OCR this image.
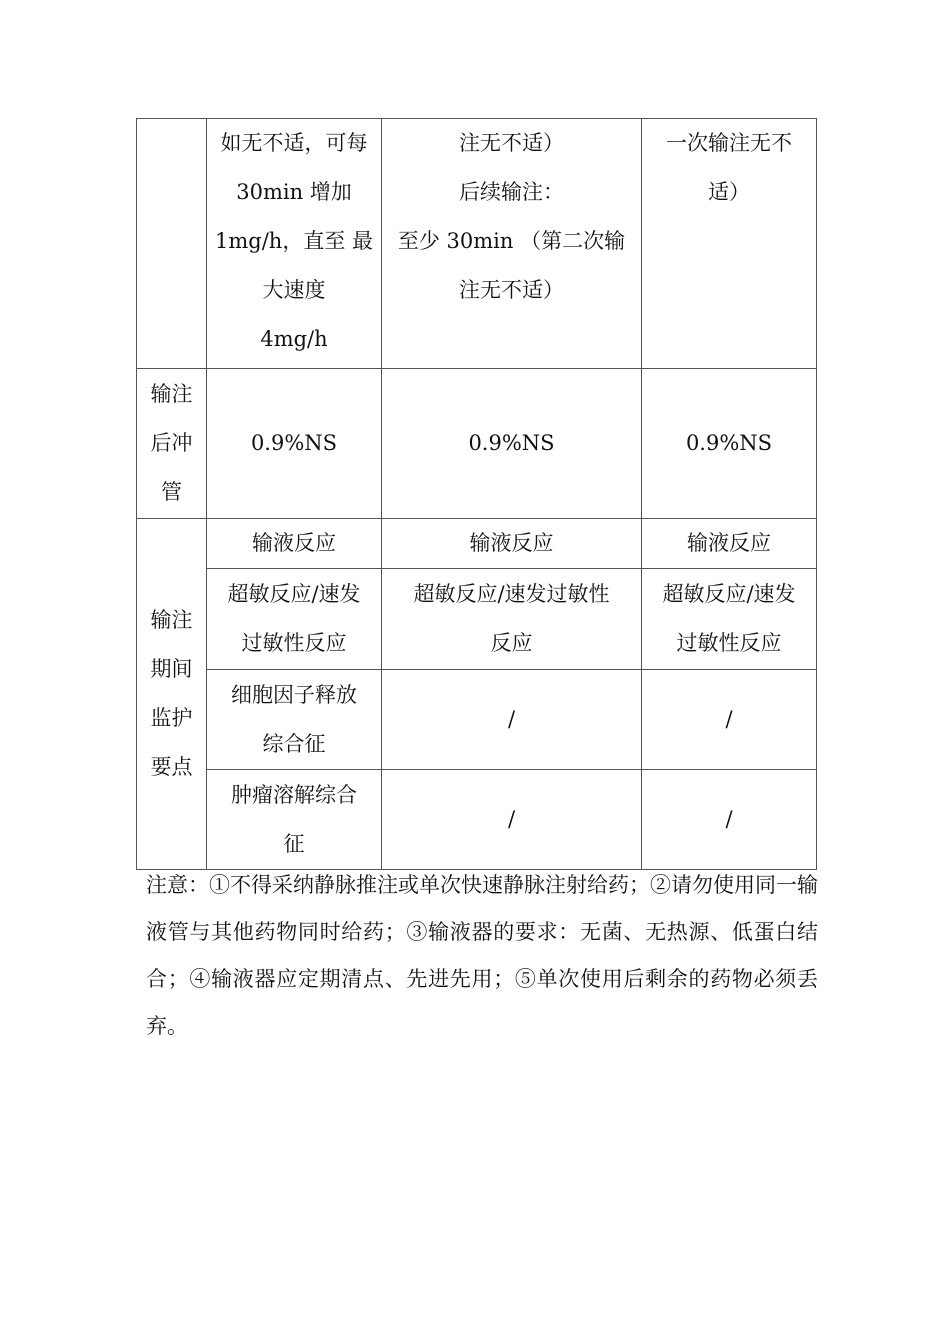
	如无不适，可每
30min 增加
1mg/h，直至 最
大速度
4mg/h	注无不适）
后续输注：
至少 30min （第二次输
注无不适）	一次输注无不
适）

输注
后冲
管	0.9%NS	0.9%NS	0.9%NS

输注
期间
监护
要点	输液反应	输液反应	输液反应

	超敏反应/速发
过敏性反应	超敏反应/速发过敏性
反应	超敏反应/速发
过敏性反应

	细胞因子释放
综合征	/	/

	肿瘤溶解综合
征	/	/
注意：①不得采纳静脉推注或单次快速静脉注射给药；②请勿使用同一输液管与其他药物同时给药；③输液器的要求：无菌、无热源、低蛋白结合；④输液器应定期清点、先进先用；⑤单次使用后剩余的药物必须丢弃。
